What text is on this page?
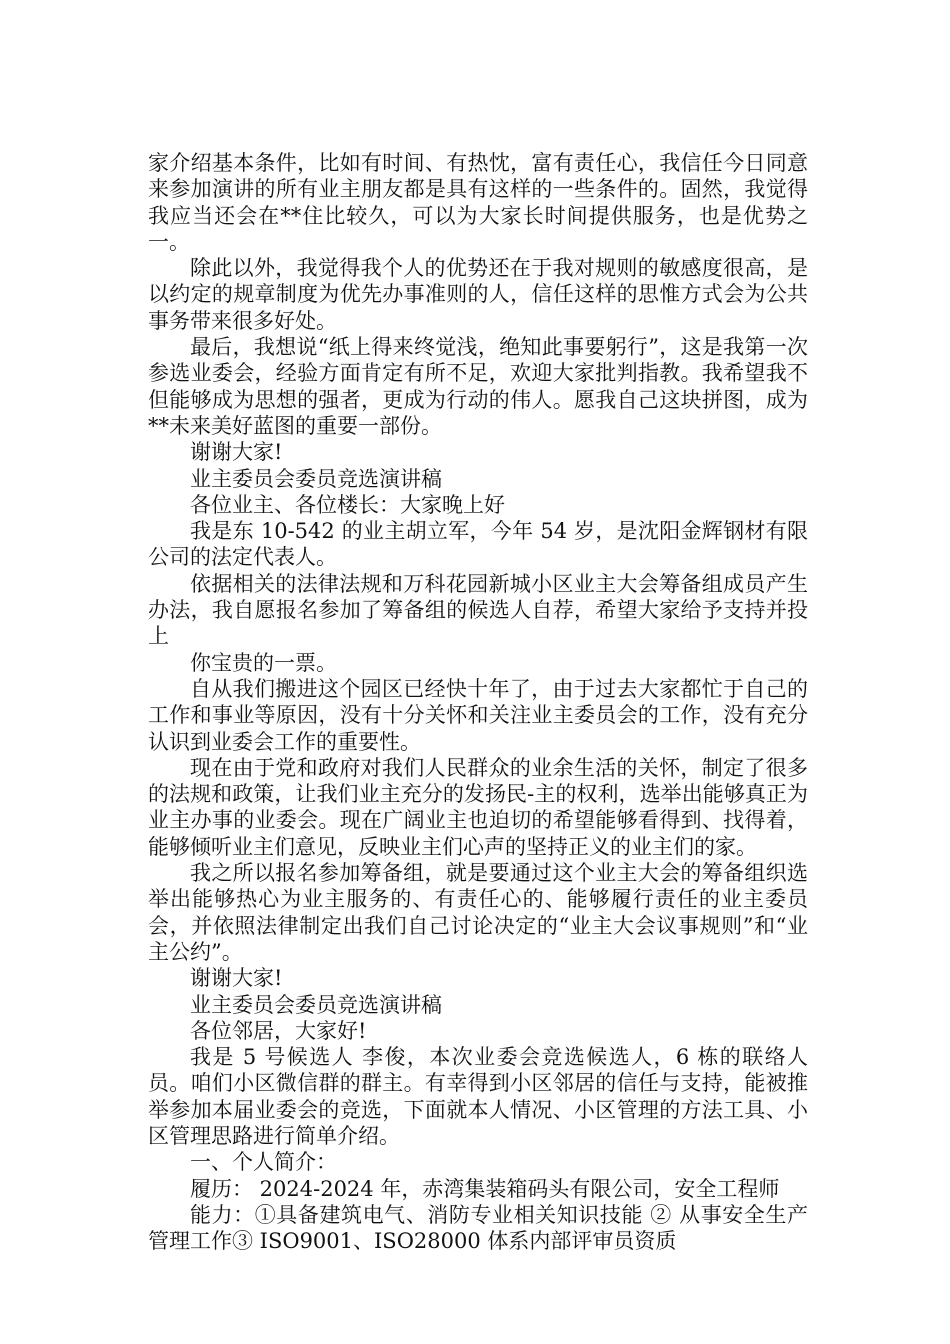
家介绍基本条件，比如有时间、有热忱，富有责任心，我信任今日同意来参加演讲的所有业主朋友都是具有这样的一些条件的。固然，我觉得我应当还会在**住比较久，可以为大家长时间提供服务，也是优势之一。

除此以外，我觉得我个人的优势还在于我对规则的敏感度很高，是以约定的规章制度为优先办事准则的人，信任这样的思惟方式会为公共事务带来很多好处。

最后，我想说“纸上得来终觉浅，绝知此事要躬行”，这是我第一次参选业委会，经验方面肯定有所不足，欢迎大家批判指教。我希望我不但能够成为思想的强者，更成为行动的伟人。愿我自己这块拼图，成为**未来美好蓝图的重要一部份。

谢谢大家!

业主委员会委员竞选演讲稿

各位业主、各位楼长：大家晚上好

我是东 10-542 的业主胡立军，今年 54 岁，是沈阳金辉钢材有限公司的法定代表人。

依据相关的法律法规和万科花园新城小区业主大会筹备组成员产生办法，我自愿报名参加了筹备组的候选人自荐，希望大家给予支持并投上

你宝贵的一票。

自从我们搬进这个园区已经快十年了，由于过去大家都忙于自己的工作和事业等原因，没有十分关怀和关注业主委员会的工作，没有充分认识到业委会工作的重要性。

现在由于党和政府对我们人民群众的业余生活的关怀，制定了很多的法规和政策，让我们业主充分的发扬民-主的权利，选举出能够真正为业主办事的业委会。现在广阔业主也迫切的希望能够看得到、找得着，能够倾听业主们意见，反映业主们心声的坚持正义的业主们的家。

我之所以报名参加筹备组，就是要通过这个业主大会的筹备组织选举出能够热心为业主服务的、有责任心的、能够履行责任的业主委员会，并依照法律制定出我们自己讨论决定的“业主大会议事规则”和“业主公约”。

谢谢大家!

业主委员会委员竞选演讲稿

各位邻居，大家好!

我是 5 号候选人 李俊，本次业委会竞选候选人，6 栋的联络人员。咱们小区微信群的群主。有幸得到小区邻居的信任与支持，能被推举参加本届业委会的竞选，下面就本人情况、小区管理的方法工具、小区管理思路进行简单介绍。

一、个人简介：

履历： 2024-2024 年，赤湾集装箱码头有限公司，安全工程师

能力：①具备建筑电气、消防专业相关知识技能 ② 从事安全生产管理工作③ ISO9001、ISO28000 体系内部评审员资质
